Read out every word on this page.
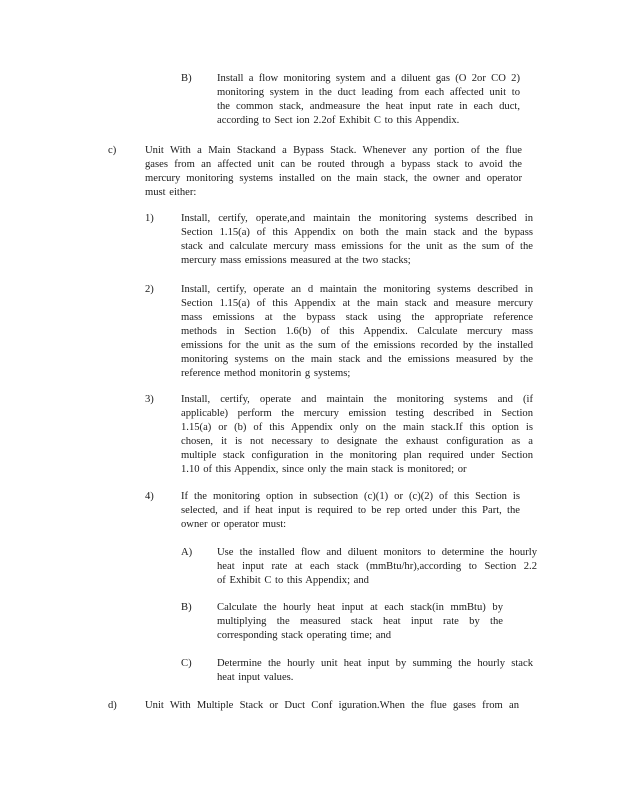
B) Install a flow monitoring system and a diluent gas (O 2or CO 2)
monitoring system in the duct leading from each affected unit to
the common stack, andmeasure the heat input rate in each duct,
according to Sect ion 2.2of Exhibit C to this Appendix.
c)	Unit With a Main Stackand a Bypass Stack. Whenever any portion of the flue
gases from an affected unit can be routed through a bypass stack to avoid the
mercury monitoring systems installed on the main stack, the owner and operator
must either:
1)	Install, certify, operate,and maintain the monitoring systems described in
Section 1.15(a) of this Appendix on both the main stack and the bypass
stack and calculate mercury mass emissions for the unit as the sum of the
mercury mass emissions measured at the two stacks;
2)	Install, certify, operate an d maintain the monitoring systems described in
Section 1.15(a) of this Appendix at the main stack and measure mercury
mass emissions at the bypass stack using the appropriate reference
methods in Section 1.6(b) of this Appendix. Calculate mercury mass
emissions for the unit as the sum of the emissions recorded by the installed
monitoring systems on the main stack and the emissions measured by the
reference method monitorin g systems;
3)	Install, certify, operate and maintain the monitoring systems and (if
applicable) perform the mercury emission testing described in Section
1.15(a) or (b) of this Appendix only on the main stack.If this option is
chosen, it is not necessary to designate the exhaust configuration as a
multiple stack configuration in the monitoring plan required under Section
1.10 of this Appendix, since only the main stack is monitored; or
4)	If the monitoring option in subsection (c)(1) or (c)(2) of this Section is
selected, and if heat input is required to be rep orted under this Part, the
owner or operator must:
A) Use the installed flow and diluent monitors to determine the hourly
heat input rate at each stack (mmBtu/hr),according to Section 2.2
of Exhibit C to this Appendix; and
B) Calculate the hourly heat input at each stack(in mmBtu) by
multiplying the measured stack heat input rate by the
corresponding stack operating time; and
C) Determine the hourly unit heat input by summing the hourly stack
heat input values.
d)	Unit With Multiple Stack or Duct Conf iguration.When the flue gases from an
